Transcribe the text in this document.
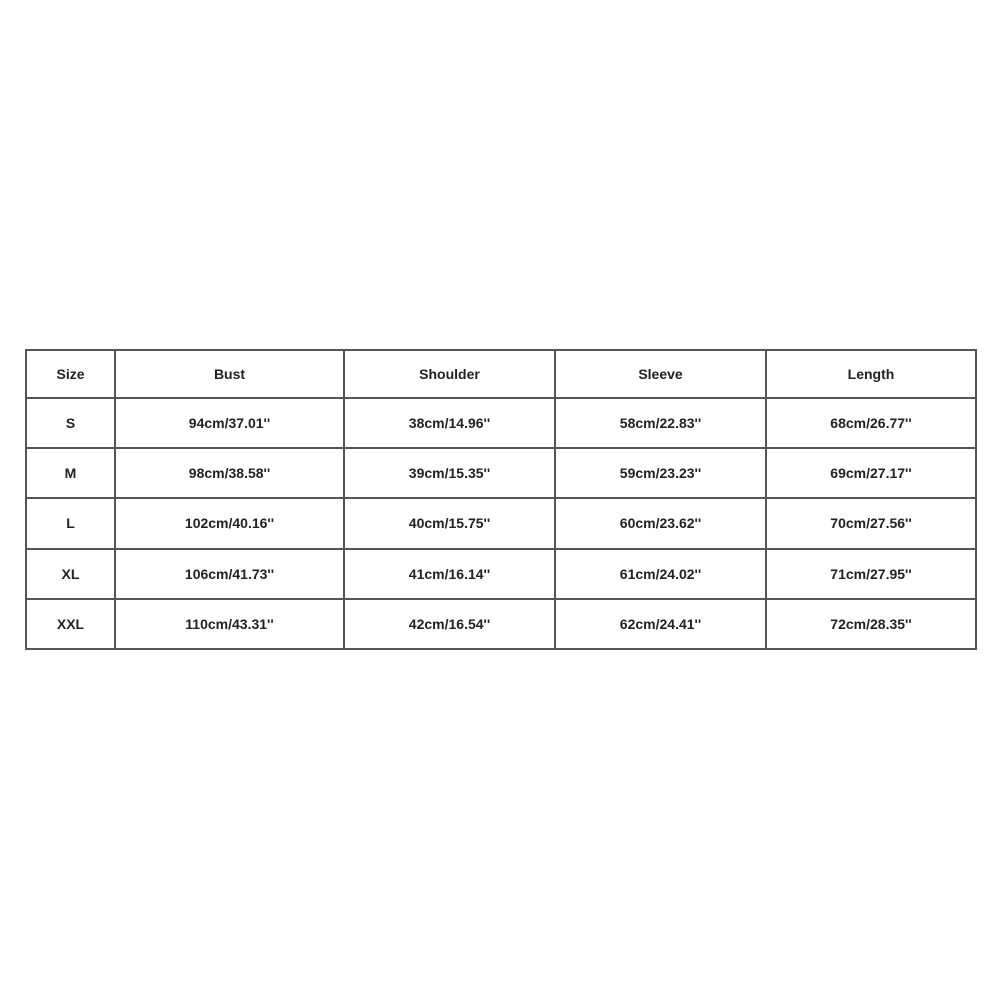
Size	Bust	Shoulder	Sleeve	Length
S	94cm/37.01''	38cm/14.96''	58cm/22.83''	68cm/26.77''
M	98cm/38.58''	39cm/15.35''	59cm/23.23''	69cm/27.17''
L	102cm/40.16''	40cm/15.75''	60cm/23.62''	70cm/27.56''
XL	106cm/41.73''	41cm/16.14''	61cm/24.02''	71cm/27.95''
XXL	110cm/43.31''	42cm/16.54''	62cm/24.41''	72cm/28.35''
